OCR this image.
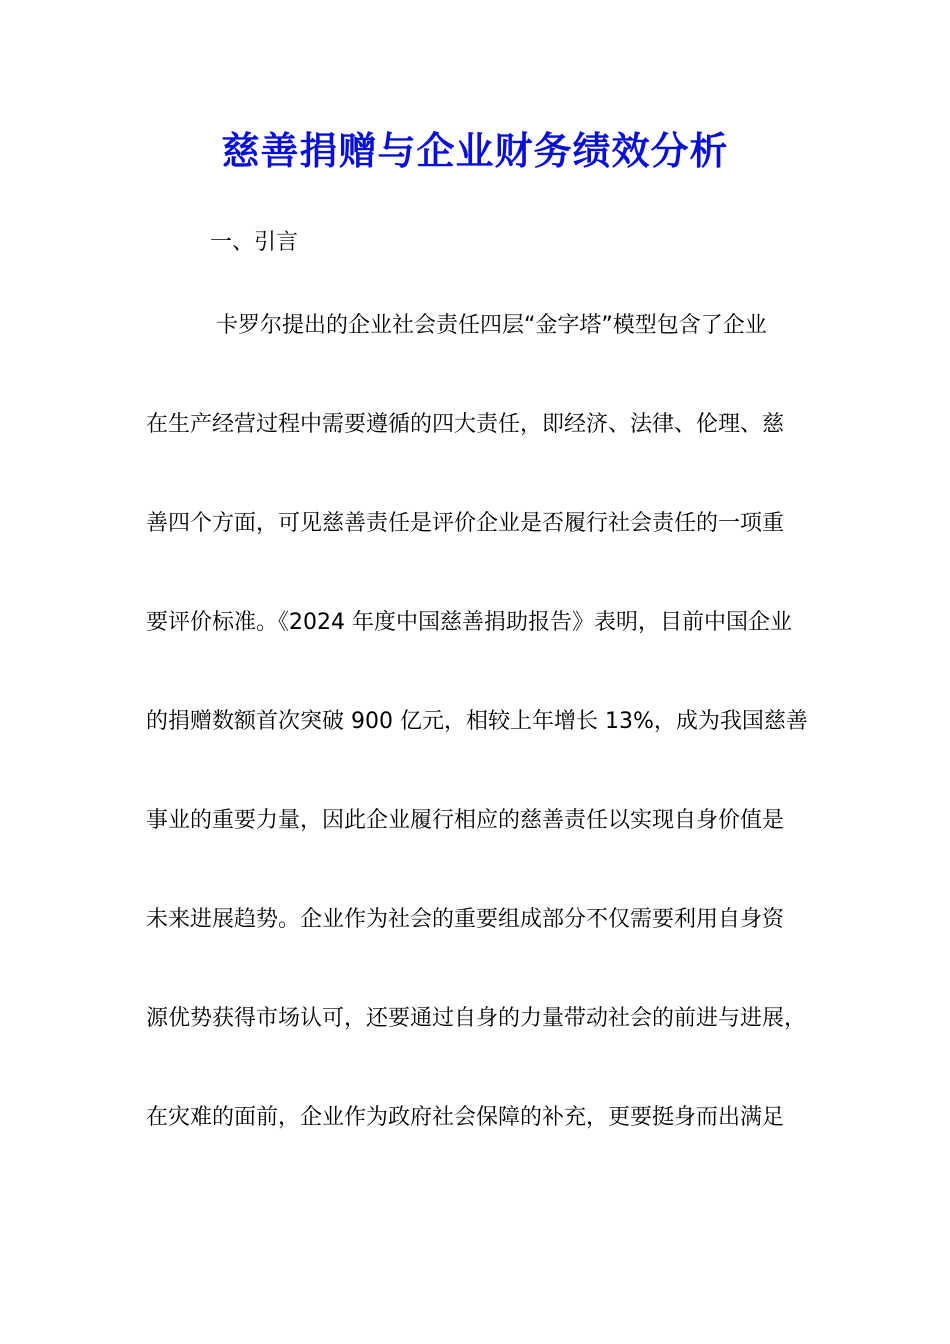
慈善捐赠与企业财务绩效分析
一、引言
卡罗尔提出的企业社会责任四层“金字塔”模型包含了企业
在生产经营过程中需要遵循的四大责任，即经济、法律、伦理、慈
善四个方面，可见慈善责任是评价企业是否履行社会责任的一项重
要评价标准。《2024 年度中国慈善捐助报告》表明，目前中国企业
的捐赠数额首次突破 900 亿元，相较上年增长 13%，成为我国慈善
事业的重要力量，因此企业履行相应的慈善责任以实现自身价值是
未来进展趋势。企业作为社会的重要组成部分不仅需要利用自身资
源优势获得市场认可，还要通过自身的力量带动社会的前进与进展，
在灾难的面前，企业作为政府社会保障的补充，更要挺身而出满足
